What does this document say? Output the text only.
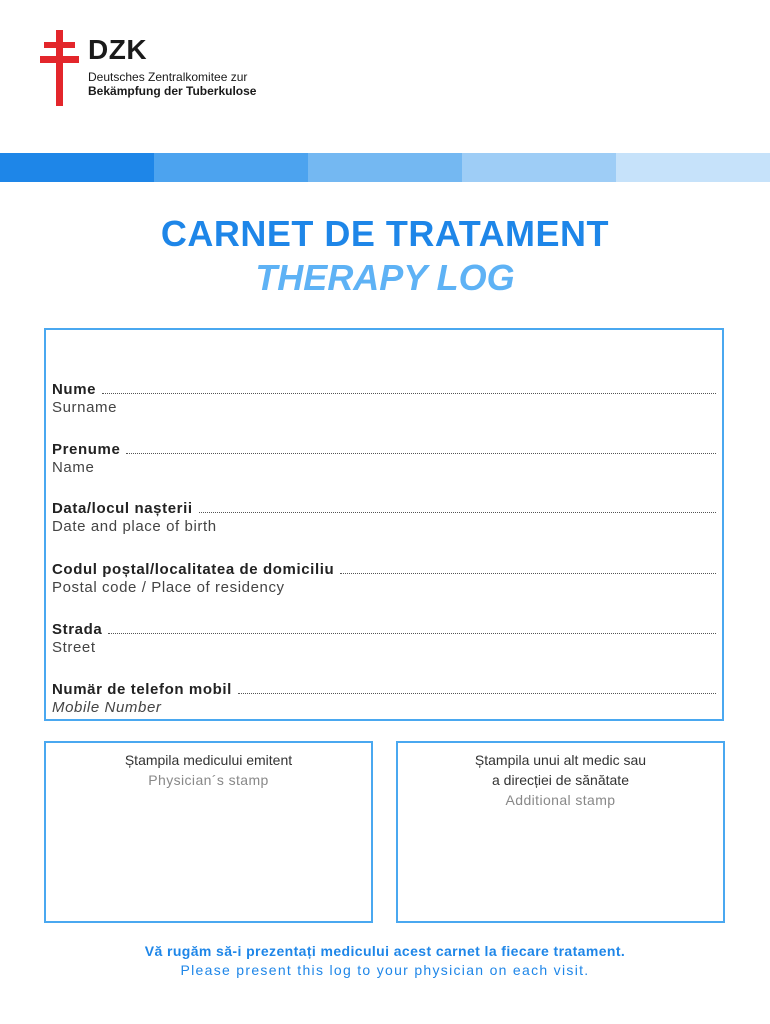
DZK
Deutsches Zentralkomitee zur
Bekämpfung der Tuberkulose
CARNET DE TRATAMENT
THERAPY LOG
Nume
Surname
Prenume
Name
Data/locul nașterii
Date and place of birth
Codul poștal/localitatea de domiciliu
Postal code / Place of residency
Strada
Street
Numär de telefon mobil
Mobile Number
Ștampila medicului emitent
Physician´s stamp
Ștampila unui alt medic sau
a direcției de sănătate
Additional stamp
Vă rugăm să-i prezentați medicului acest carnet la fiecare tratament.
Please present this log to your physician on each visit.
